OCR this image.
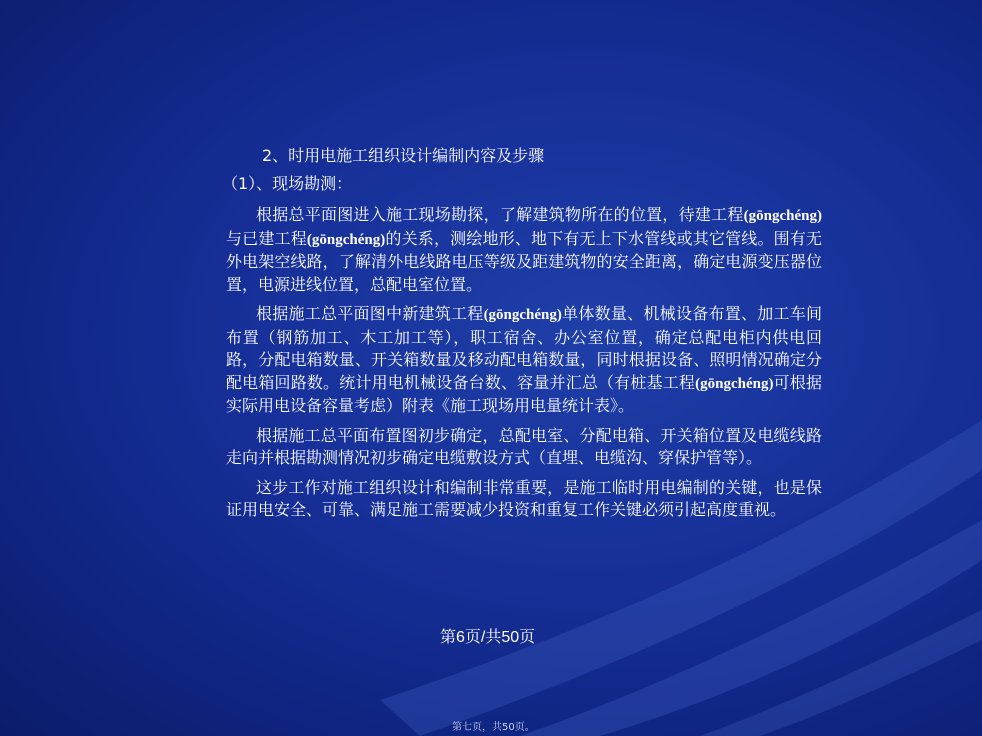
2、时用电施工组织设计编制内容及步骤

（1）、现场勘测：

根据总平面图进入施工现场勘探，了解建筑物所在的位置，待建工程(gōngchéng)与已建工程(gōngchéng)的关系，测绘地形、地下有无上下水管线或其它管线。围有无外电架空线路，了解清外电线路电压等级及距建筑物的安全距离，确定电源变压器位置，电源进线位置，总配电室位置。

根据施工总平面图中新建筑工程(gōngchéng)单体数量、机械设备布置、加工车间布置（钢筋加工、木工加工等），职工宿舍、办公室位置，确定总配电柜内供电回路，分配电箱数量、开关箱数量及移动配电箱数量，同时根据设备、照明情况确定分配电箱回路数。统计用电机械设备台数、容量并汇总（有桩基工程(gōngchéng)可根据实际用电设备容量考虑）附表《施工现场用电量统计表》。

根据施工总平面布置图初步确定，总配电室、分配电箱、开关箱位置及电缆线路走向并根据勘测情况初步确定电缆敷设方式（直埋、电缆沟、穿保护管等）。

这步工作对施工组织设计和编制非常重要，是施工临时用电编制的关键，也是保证用电安全、可靠、满足施工需要减少投资和重复工作关键必须引起高度重视。

第6页/共50页
第七页，共50页。
